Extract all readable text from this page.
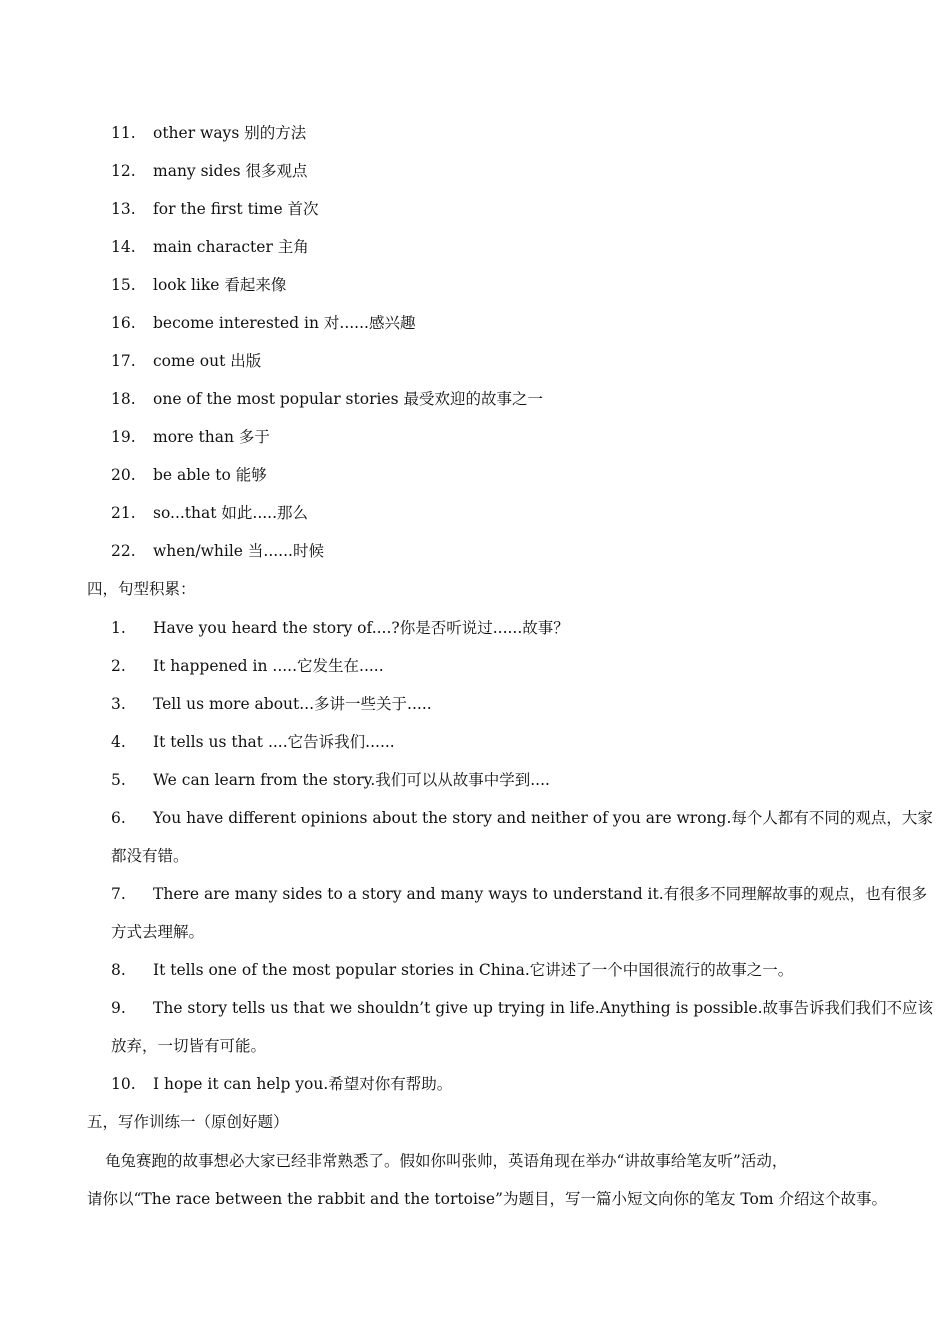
11.	other ways 别的方法
12.	many sides 很多观点
13.	for the first time 首次
14.	main character 主角
15.	look like 看起来像
16.	become interested in 对......感兴趣
17.	come out 出版
18.	one of the most popular stories 最受欢迎的故事之一
19.	more than 多于
20.	be able to 能够
21.	so...that 如此.....那么
22.	when/while 当......时候
四，句型积累：
1.	Have you heard the story of....?你是否听说过......故事？
2.	It happened in .....它发生在.....
3.	Tell us more about...多讲一些关于.....
4.	It tells us that ....它告诉我们......
5.	We can learn from the story.我们可以从故事中学到....
6.	You have different opinions about the story and neither of you are wrong.每个人都有不同的观点，大家
都没有错。
7.	There are many sides to a story and many ways to understand it.有很多不同理解故事的观点，也有很多
方式去理解。
8.	It tells one of the most popular stories in China.它讲述了一个中国很流行的故事之一。
9.	The story tells us that we shouldn’t give up trying in life.Anything is possible.故事告诉我们我们不应该
放弃，一切皆有可能。
10.	I hope it can help you.希望对你有帮助。
五，写作训练一（原创好题）
龟兔赛跑的故事想必大家已经非常熟悉了。假如你叫张帅，英语角现在举办“讲故事给笔友听”活动，
请你以“The race between the rabbit and the tortoise”为题目，写一篇小短文向你的笔友 Tom 介绍这个故事。
